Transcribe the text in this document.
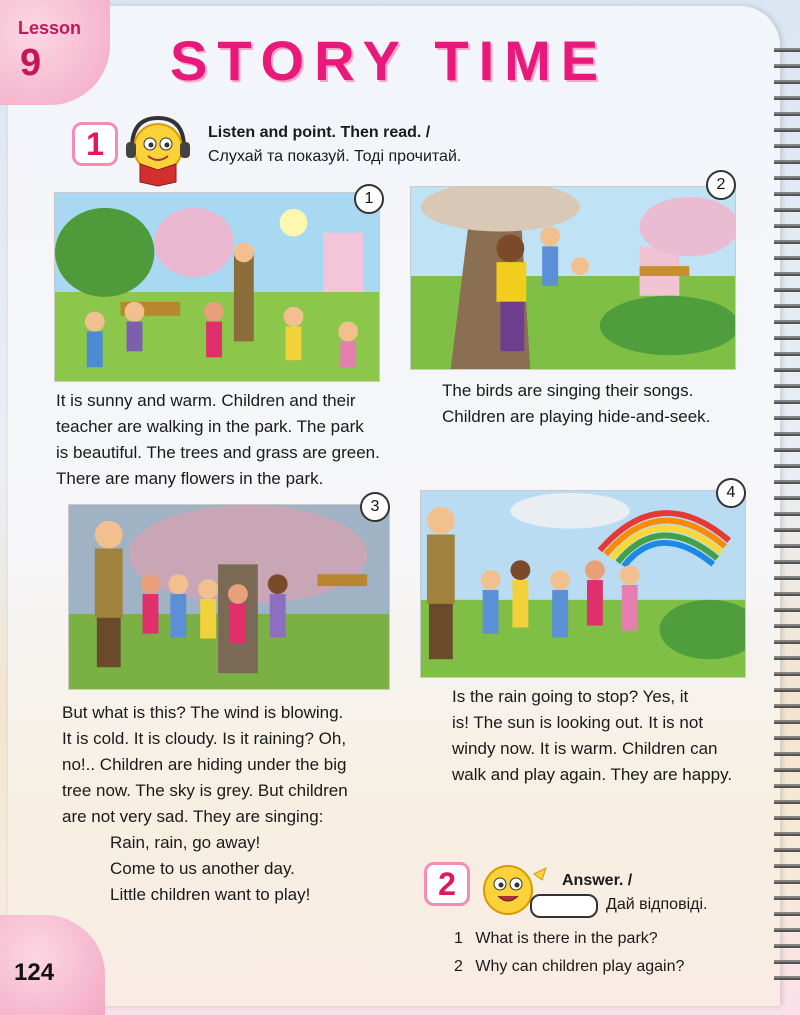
Lesson
9 STORY TIME
1	Listen and point. Then read. /
Слухай та показуй. Тоді прочитай.
1
2

It is sunny and warm. Children and their

teacher are walking in the park. The park

is beautiful. The trees and grass are green.

There are many flowers in the park.

The birds are singing their songs.

Children are playing hide-and-seek.

3
4

But what is this? The wind is blowing.

It is cold. It is cloudy. Is it raining? Oh,

no!.. Children are hiding under the big

tree now. The sky is grey. But children

are not very sad. They are singing:

Rain, rain, go away!

Come to us another day.

Little children want to play!

Is the rain going to stop? Yes, it

is! The sun is looking out. It is not

windy now. It is warm. Children can

walk and play again. They are happy.

2	Answer. /
Дай відповіді.
1 What is there in the park?
2 Why can children play again?
124
